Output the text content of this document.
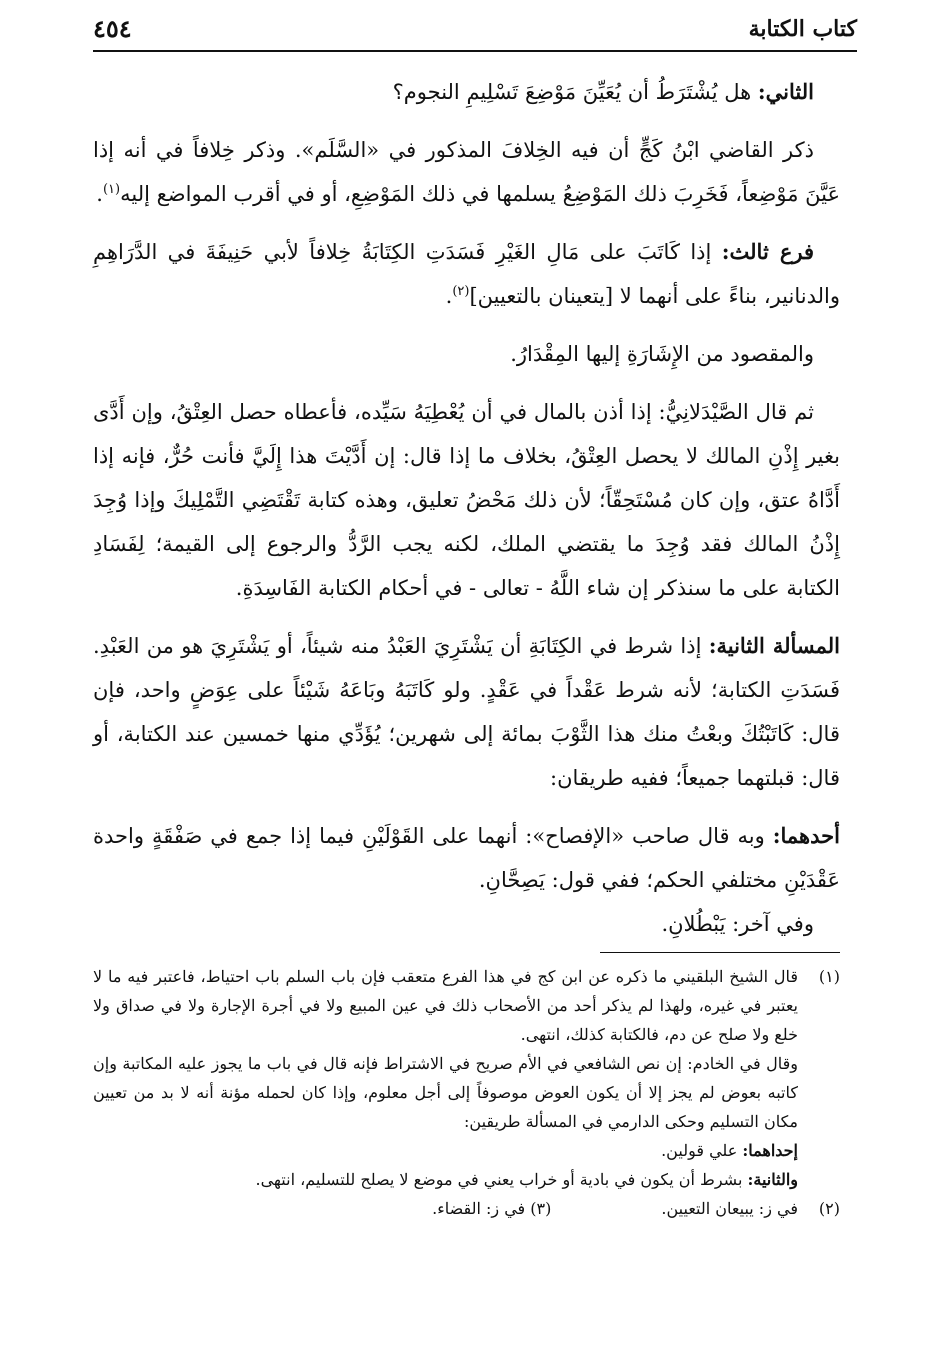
٤٥٤	كتاب الكتابة

الثاني: هل يُشْتَرَطُ أن يُعَيِّنَ مَوْضِعَ تَسْلِيمِ النجوم؟

ذكر القاضي ابْنُ كَجٍّ أن فيه الخِلافَ المذكور في «السَّلَم». وذكر خِلافاً في أنه إذا عَيَّنَ مَوْضِعاً، فَخَرِبَ ذلك المَوْضِعُ يسلمها في ذلك المَوْضِعِ، أو في أقرب المواضع إليه$^{(١)}$.

فرع ثالث: إذا كَاتَبَ على مَالِ الغَيْرِ فَسَدَتِ الكِتَابَةُ خِلافاً لأبي حَنِيفَةَ في الدَّرَاهِمِ والدنانير، بناءً على أنهما لا [يتعينان بالتعيين]$^{(٢)}$.

والمقصود من الإِشَارَةِ إليها المِقْدَارُ.

ثم قال الصَّيْدَلانِيُّ: إذا أذن بالمال في أن يُعْطِيَهُ سَيِّده، فأعطاه حصل العِتْقُ، وإن أَدَّى بغير إِذْنِ المالك لا يحصل العِتْقُ، بخلاف ما إذا قال: إن أَدَّيْتَ هذا إِلَيَّ فأنت حُرٌّ، فإنه إذا أَدَّاهُ عتق، وإن كان مُسْتَحِقّاً؛ لأن ذلك مَحْضُ تعليق، وهذه كتابة تَقْتَضِي التَّمْلِيكَ وإذا وُجِدَ إِذْنُ المالك فقد وُجِدَ ما يقتضي الملك، لكنه يجب الرَّدُّ والرجوع إلى القيمة؛ لِفَسَادِ الكتابة على ما سنذكر إن شاء اللَّهُ - تعالى - في أحكام الكتابة الفَاسِدَةِ.

المسألة الثانية: إذا شرط في الكِتَابَةِ أن يَشْتَرِيَ العَبْدُ منه شيئاً، أو يَشْتَرِيَ هو من العَبْدِ. فَسَدَتِ الكتابة؛ لأنه شرط عَقْداً في عَقْدٍ. ولو كَاتَبَهُ وبَاعَهُ شَيْئاً على عِوَضٍ واحد، فإن قال: كَاتَبْتُكَ وبعْتُ منك هذا الثَّوْبَ بمائة إلى شهرين؛ يُؤَدِّي منها خمسين عند الكتابة، أو قال: قبلتهما جميعاً؛ ففيه طريقان:

أحدهما: وبه قال صاحب «الإفصاح»: أنهما على القَوْلَيْنِ فيما إذا جمع في صَفْقَةٍ واحدة عَقْدَيْنِ مختلفي الحكم؛ ففي قول: يَصِحَّانِ.

وفي آخر: يَبْطُلانِ.

(١)

قال الشيخ البلقيني ما ذكره عن ابن كج في هذا الفرع متعقب فإن باب السلم باب احتياط، فاعتبر فيه ما لا يعتبر في غيره، ولهذا لم يذكر أحد من الأصحاب ذلك في عين المبيع ولا في أجرة الإجارة ولا في صداق ولا خلع ولا صلح عن دم، فالكتابة كذلك، انتهى.

وقال في الخادم: إن نص الشافعي في الأم صريح في الاشتراط فإنه قال في باب ما يجوز عليه المكاتبة وإن كاتبه بعوض لم يجز إلا أن يكون العوض موصوفاً إلى أجل معلوم، وإذا كان لحمله مؤنة أنه لا بد من تعيين مكان التسليم وحكى الدارمي في المسألة طريقين:

إحداهما: علي قولين.

والثانية: بشرط أن يكون في بادية أو خراب يعني في موضع لا يصلح للتسليم، انتهى.

(٢)
في ز: يبيعان التعيين.(٣) في ز: القضاء.
